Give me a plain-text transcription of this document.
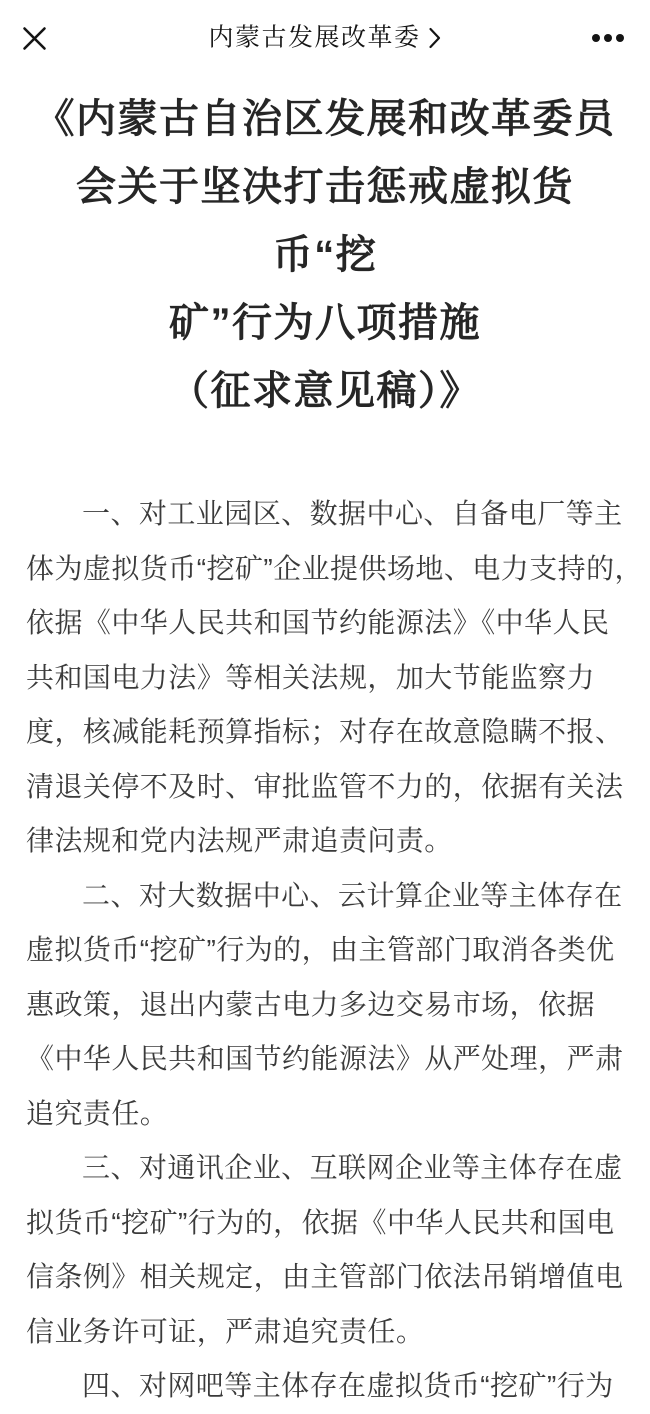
内蒙古发展改革委
《内蒙古自治区发展和改革委员
会关于坚决打击惩戒虚拟货币“挖
矿”行为八项措施
（征求意见稿）》

一、对工业园区、数据中心、自备电厂等主
体为虚拟货币“挖矿”企业提供场地、电力支持的，
依据《中华人民共和国节约能源法》《中华人民
共和国电力法》等相关法规，加大节能监察力
度，核减能耗预算指标；对存在故意隐瞒不报、
清退关停不及时、审批监管不力的，依据有关法
律法规和党内法规严肃追责问责。

二、对大数据中心、云计算企业等主体存在
虚拟货币“挖矿”行为的，由主管部门取消各类优
惠政策，退出内蒙古电力多边交易市场，依据
《中华人民共和国节约能源法》从严处理，严肃
追究责任。

三、对通讯企业、互联网企业等主体存在虚
拟货币“挖矿”行为的，依据《中华人民共和国电
信条例》相关规定，由主管部门依法吊销增值电
信业务许可证，严肃追究责任。

四、对网吧等主体存在虚拟货币“挖矿”行为
